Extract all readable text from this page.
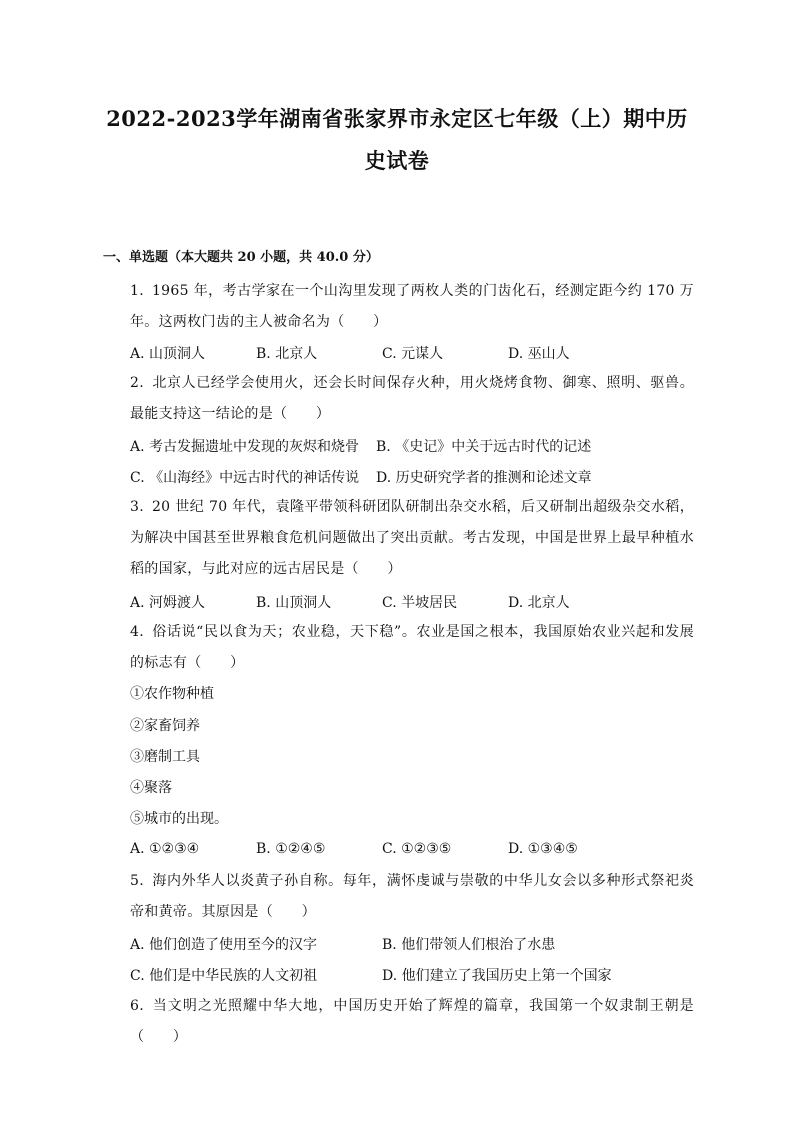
2022-2023学年湖南省张家界市永定区七年级（上）期中历史试卷
一、单选题（本大题共 20 小题，共 40.0 分）
1. 1965 年，考古学家在一个山沟里发现了两枚人类的门齿化石，经测定距今约 170 万年。这两枚门齿的主人被命名为（　　）
A. 山顶洞人	B. 北京人	C. 元谋人	D. 巫山人
2. 北京人已经学会使用火，还会长时间保存火种，用火烧烤食物、御寒、照明、驱兽。最能支持这一结论的是（　　）
A. 考古发掘遗址中发现的灰烬和烧骨 B. 《史记》中关于远古时代的记述
C. 《山海经》中远古时代的神话传说 D. 历史研究学者的推测和论述文章
3. 20 世纪 70 年代，袁隆平带领科研团队研制出杂交水稻，后又研制出超级杂交水稻，为解决中国甚至世界粮食危机问题做出了突出贡献。考古发现，中国是世界上最早种植水稻的国家，与此对应的远古居民是（　　）
A. 河姆渡人	B. 山顶洞人	C. 半坡居民	D. 北京人
4. 俗话说“民以食为天；农业稳，天下稳”。农业是国之根本，我国原始农业兴起和发展的标志有（　　）
①农作物种植
②家畜饲养
③磨制工具
④聚落
⑤城市的出现。
A. ①②③④	B. ①②④⑤	C. ①②③⑤	D. ①③④⑤
5. 海内外华人以炎黄子孙自称。每年，满怀虔诚与崇敬的中华儿女会以多种形式祭祀炎帝和黄帝。其原因是（　　）
A. 他们创造了使用至今的汉字	B. 他们带领人们根治了水患
C. 他们是中华民族的人文初祖	D. 他们建立了我国历史上第一个国家
6. 当文明之光照耀中华大地，中国历史开始了辉煌的篇章，我国第一个奴隶制王朝是（　　）
